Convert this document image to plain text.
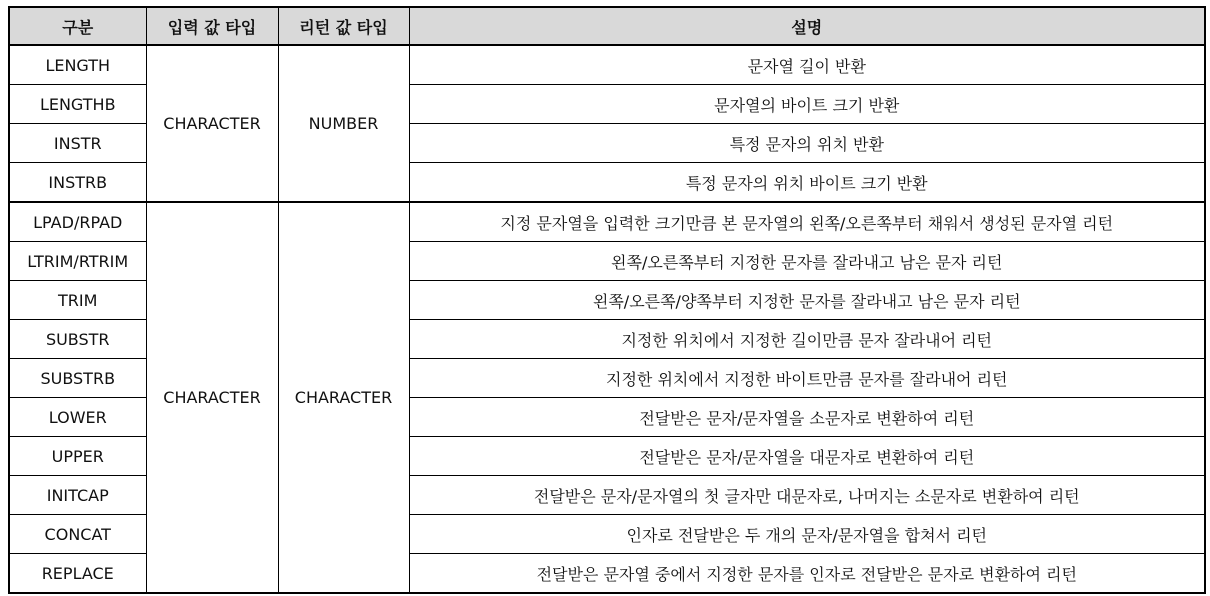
구분	입력 값 타입	리턴 값 타입	설명
LENGTH	CHARACTER	NUMBER	문자열 길이 반환
LENGTHB			문자열의 바이트 크기 반환
INSTR			특정 문자의 위치 반환
INSTRB			특정 문자의 위치 바이트 크기 반환
LPAD/RPAD	CHARACTER	CHARACTER	지정 문자열을 입력한 크기만큼 본 문자열의 왼쪽/오른쪽부터 채워서 생성된 문자열 리턴
LTRIM/RTRIM			왼쪽/오른쪽부터 지정한 문자를 잘라내고 남은 문자 리턴
TRIM			왼쪽/오른쪽/양쪽부터 지정한 문자를 잘라내고 남은 문자 리턴
SUBSTR			지정한 위치에서 지정한 길이만큼 문자 잘라내어 리턴
SUBSTRB			지정한 위치에서 지정한 바이트만큼 문자를 잘라내어 리턴
LOWER			전달받은 문자/문자열을 소문자로 변환하여 리턴
UPPER			전달받은 문자/문자열을 대문자로 변환하여 리턴
INITCAP			전달받은 문자/문자열의 첫 글자만 대문자로, 나머지는 소문자로 변환하여 리턴
CONCAT			인자로 전달받은 두 개의 문자/문자열을 합쳐서 리턴
REPLACE			전달받은 문자열 중에서 지정한 문자를 인자로 전달받은 문자로 변환하여 리턴
